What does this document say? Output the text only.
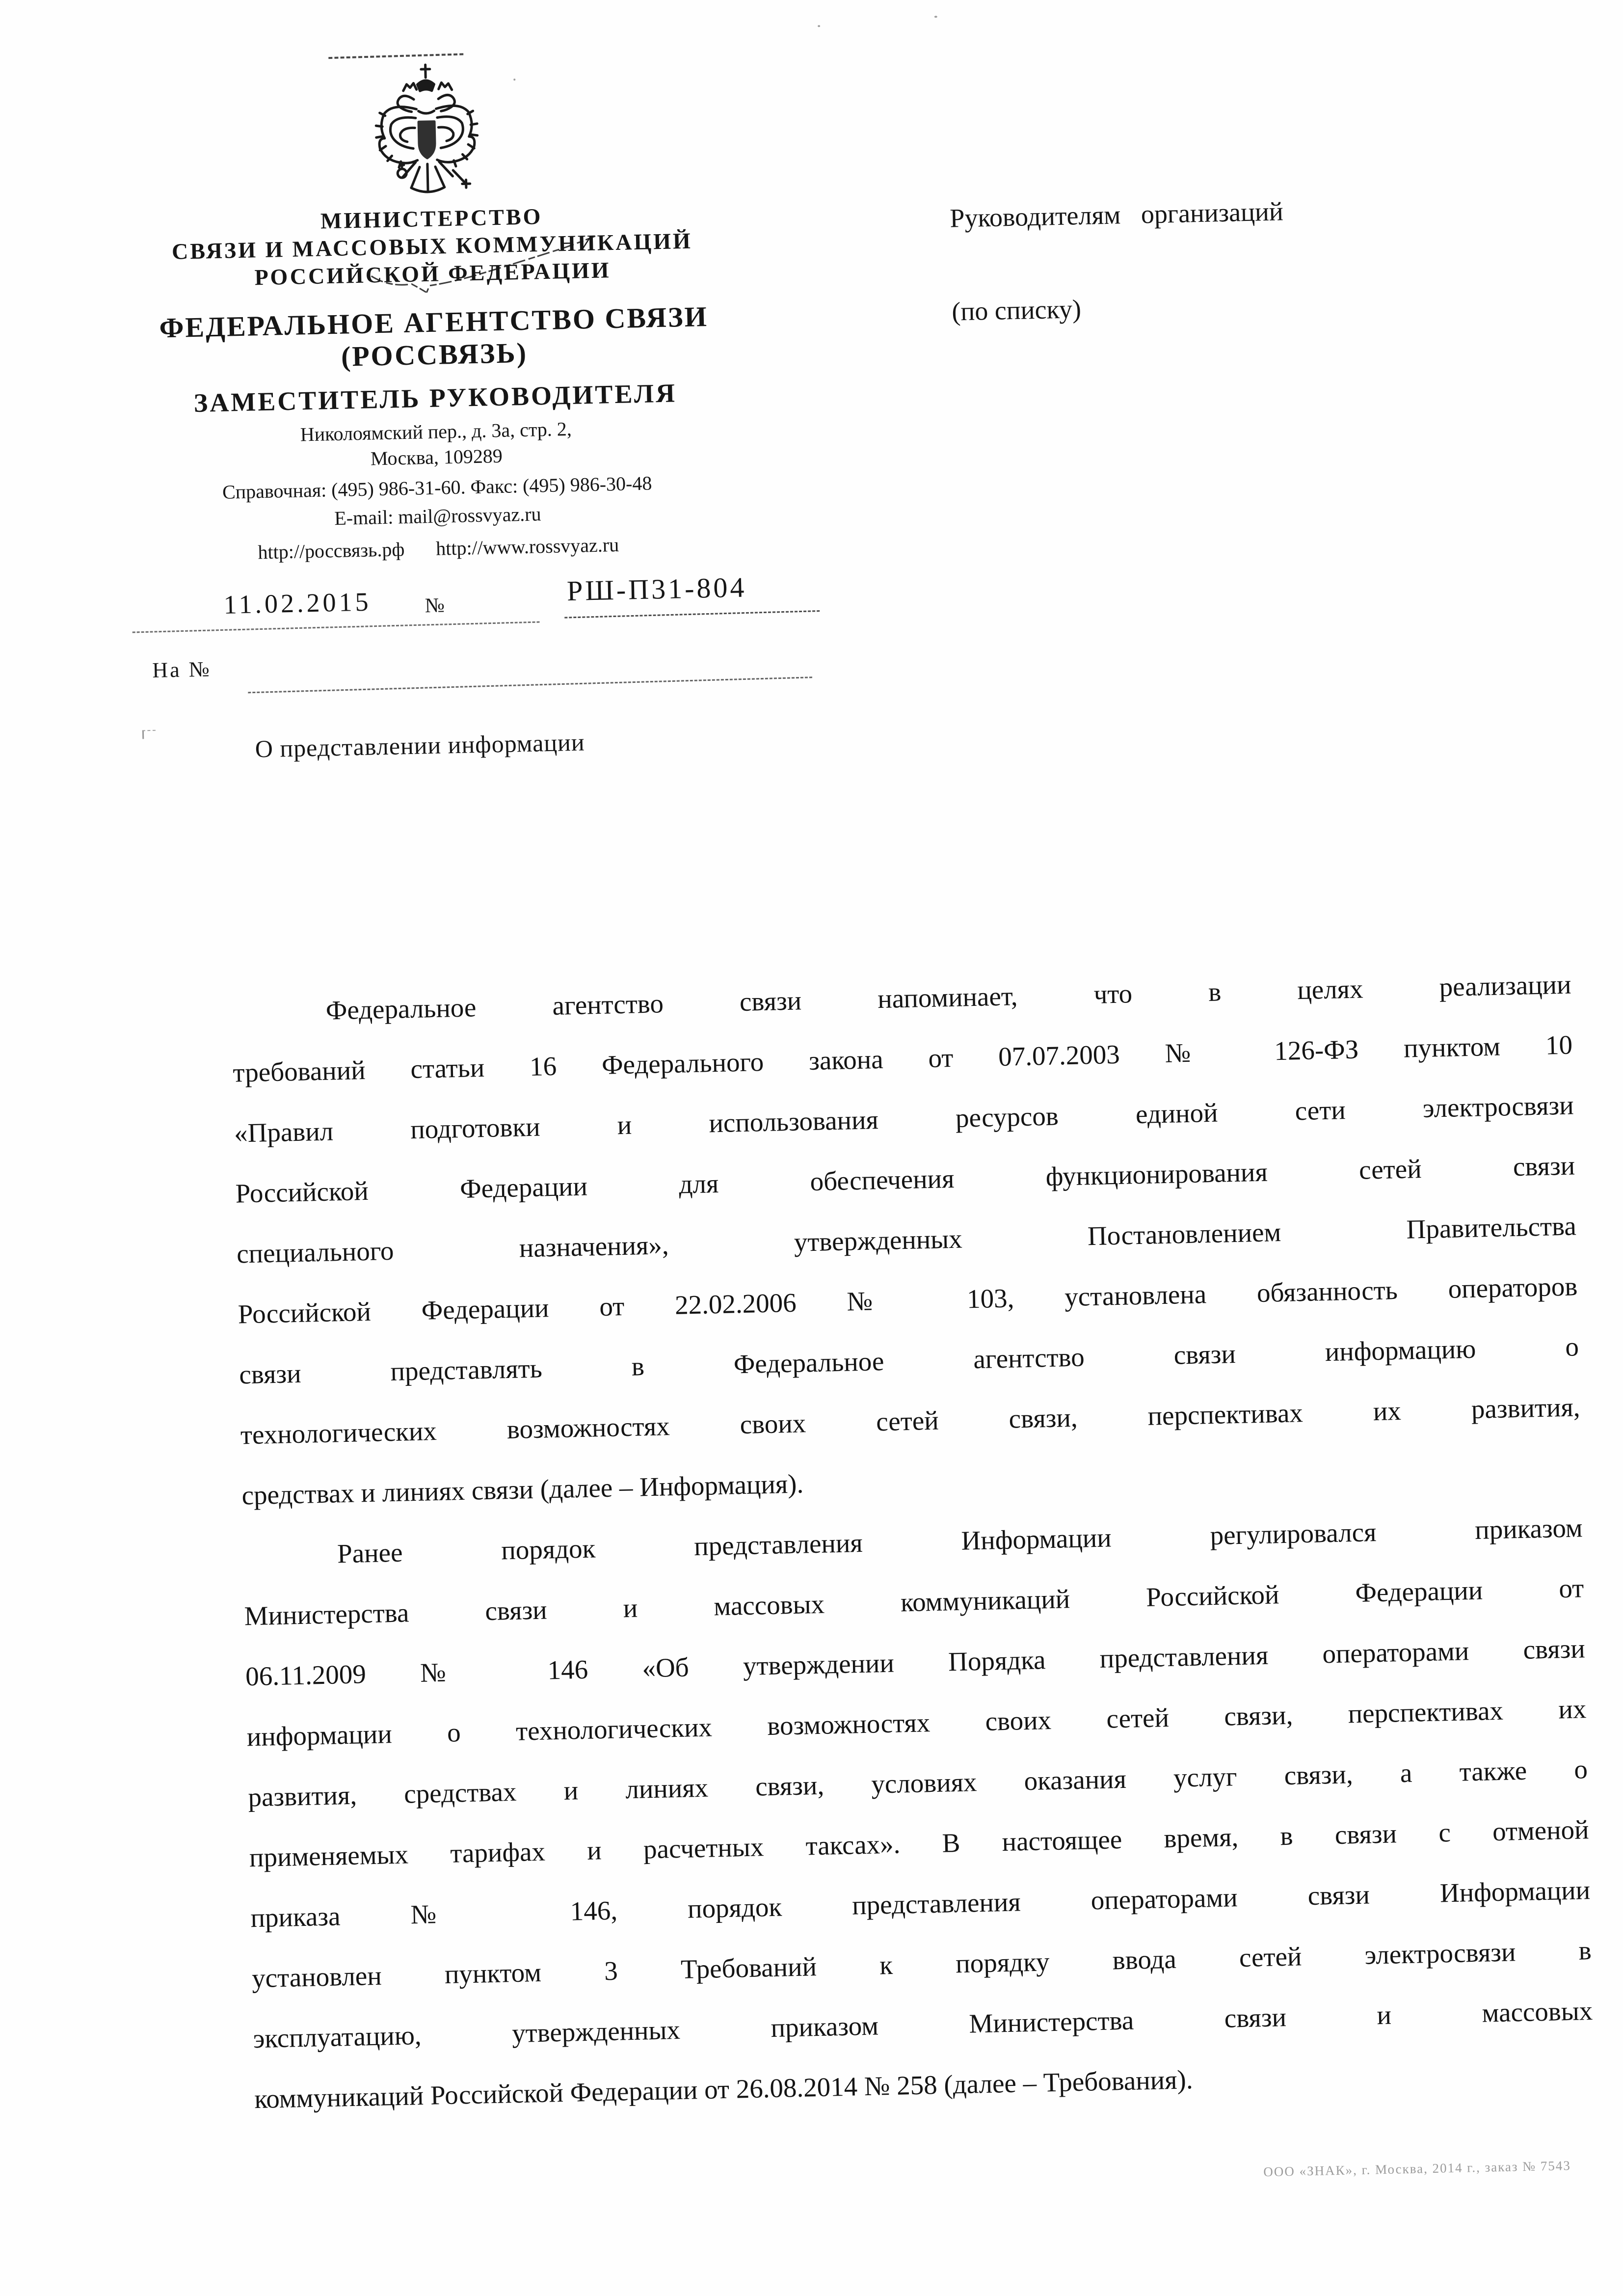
МИНИСТЕРСТВО
СВЯЗИ И МАССОВЫХ КОММУНИКАЦИЙ
РОССИЙСКОЙ ФЕДЕРАЦИИ
ФЕДЕРАЛЬНОЕ АГЕНТСТВО СВЯЗИ
(РОССВЯЗЬ)
ЗАМЕСТИТЕЛЬ РУКОВОДИТЕЛЯ
Николоямский пер., д. 3а, стр. 2,
Москва, 109289
Справочная: (495) 986-31-60. Факс: (495) 986-30-48
E-mail: mail@rossvyaz.ru
http://россвязь.рф http://www.rossvyaz.ru
Руководителям организаций
(по списку)
11.02.2015	№	РШ-П31-804
На №
О представлении информации
Федеральное агентство связи напоминает, что в целях реализации
требований статьи 16 Федерального закона от 07.07.2003 № 126-ФЗ пунктом 10
«Правил подготовки и использования ресурсов единой сети электросвязи
Российской Федерации для обеспечения функционирования сетей связи
специального назначения», утвержденных Постановлением Правительства
Российской Федерации от 22.02.2006 № 103, установлена обязанность операторов
связи представлять в Федеральное агентство связи информацию о
технологических возможностях своих сетей связи, перспективах их развития,
средствах и линиях связи (далее – Информация).
Ранее порядок представления Информации регулировался приказом
Министерства связи и массовых коммуникаций Российской Федерации от
06.11.2009 № 146 «Об утверждении Порядка представления операторами связи
информации о технологических возможностях своих сетей связи, перспективах их
развития, средствах и линиях связи, условиях оказания услуг связи, а также о
применяемых тарифах и расчетных таксах». В настоящее время, в связи с отменой
приказа № 146, порядок представления операторами связи Информации
установлен пунктом 3 Требований к порядку ввода сетей электросвязи в
эксплуатацию, утвержденных приказом Министерства связи и массовых
коммуникаций Российской Федерации от 26.08.2014 № 258 (далее – Требования).
ООО «ЗНАК», г. Москва, 2014 г., заказ № 7543
